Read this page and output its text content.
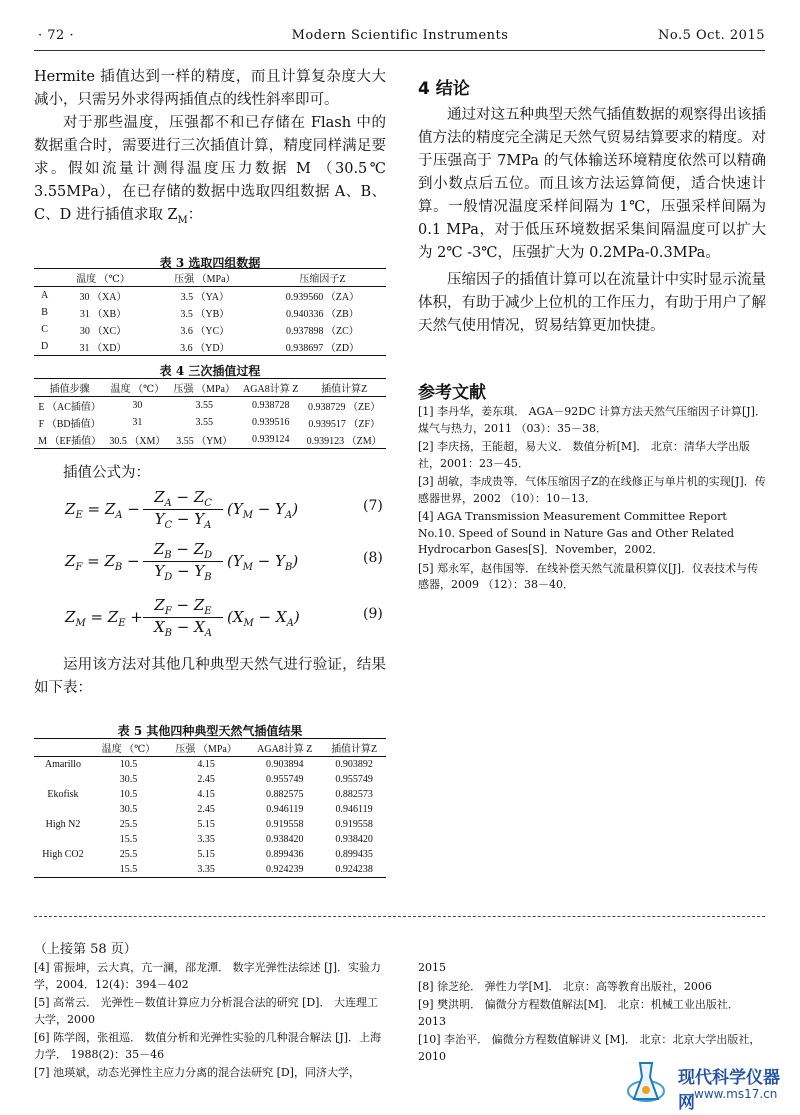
· 72 ·	Modern Scientific Instruments	No.5 Oct. 2015

Hermite 插值达到一样的精度，而且计算复杂度大大减小，只需另外求得两插值点的线性斜率即可。

对于那些温度，压强都不和已存储在 Flash 中的数据重合时，需要进行三次插值计算，精度同样满足要求。假如流量计测得温度压力数据 M （30.5℃ 3.55MPa），在已存储的数据中选取四组数据 A、B、C、D 进行插值求取 $Z_M$：

表 3 选取四组数据
	温度 （℃）	压强 （MPa）	压缩因子Z
A	30 （XA）	3.5 （YA）	0.939560 （ZA）
B	31 （XB）	3.5 （YB）	0.940336 （ZB）
C	30 （XC）	3.6 （YC）	0.937898 （ZC）
D	31 （XD）	3.6 （YD）	0.938697 （ZD）
表 4 三次插值过程
插值步骤	温度 （℃）	压强 （MPa）	AGA8计算 Z	插值计算Z
E （AC插值）	30	3.55	0.938728	0.938729 （ZE）
F （BD插值）	31	3.55	0.939516	0.939517 （ZF）
M （EF插值）	30.5 （XM）	3.55 （YM）	0.939124	0.939123 （ZM）

插值公式为：

$Z_E = Z_A$ −
$Z_A - Z_C$
$Y_C - Y_A$
$(Y_M - Y_A)$	(7)
$Z_F = Z_B$ −
$Z_B - Z_D$
$Y_D - Y_B$
$(Y_M - Y_B)$	(8)
$Z_M = Z_E$ +
$Z_F - Z_E$
$X_B - X_A$
$(X_M - X_A)$	(9)

运用该方法对其他几种典型天然气进行验证，结果如下表：

表 5 其他四种典型天然气插值结果
	温度 （℃）	压强 （MPa）	AGA8计算 Z	插值计算Z
Amarillo	10.5	4.15	0.903894	0.903892
	30.5	2.45	0.955749	0.955749
Ekofisk	10.5	4.15	0.882575	0.882573
	30.5	2.45	0.946119	0.946119
High N2	25.5	5.15	0.919558	0.919558
	15.5	3.35	0.938420	0.938420
High CO2	25.5	5.15	0.899436	0.899435
	15.5	3.35	0.924239	0.924238
4 结论

通过对这五种典型天然气插值数据的观察得出该插值方法的精度完全满足天然气贸易结算要求的精度。对于压强高于 7MPa 的气体输送环境精度依然可以精确到小数点后五位。而且该方法运算简便，适合快速计算。一般情况温度采样间隔为 1℃，压强采样间隔为 0.1 MPa，对于低压环境数据采集间隔温度可以扩大为 2℃ -3℃，压强扩大为 0.2MPa-0.3MPa。

压缩因子的插值计算可以在流量计中实时显示流量体积，有助于减少上位机的工作压力，有助于用户了解天然气使用情况，贸易结算更加快捷。

参考文献
[1] 李丹华，姜东琪． AGA－92DC 计算方法天然气压缩因子计算[J]．煤气与热力，2011 （03）：35－38．
[2] 李庆扬，王能超，易大义． 数值分析[M]． 北京：清华大学出版社，2001：23－45．
[3] 胡敏，李成贵等．气体压缩因子Z的在线修正与单片机的实现[J]．传感器世界，2002 （10）：10－13．
[4] AGA Transmission Measurement Committee Report No.10. Speed of Sound in Nature Gas and Other Related Hydrocarbon Gases[S]．November，2002．
[5] 郑永军，赵伟国等．在线补偿天然气流量积算仪[J]．仪表技术与传感器，2009 （12）：38－40．
（上接第 58 页）
[4] 雷振坤，云大真，亢一澜，邵龙潭． 数字光弹性法综述 [J]．实验力学，2004．12(4)：394－402
[5] 高常云． 光弹性－数值计算应力分析混合法的研究 [D]． 大连理工大学，2000
[6] 陈学阁，张祖巡． 数值分析和光弹性实验的几种混合解法 [J]．上海力学． 1988(2)：35－46
[7] 池瑛斌，动态光弹性主应力分离的混合法研究 [D]，同济大学，
2015
[8] 徐芝纶． 弹性力学[M]． 北京：高等教育出版社，2006
[9] 樊洪明． 偏微分方程数值解法[M]． 北京：机械工业出版社．2013
[10] 李治平． 偏微分方程数值解讲义 [M]． 北京：北京大学出版社，2010
现代科学仪器网 www.ms17.cn
